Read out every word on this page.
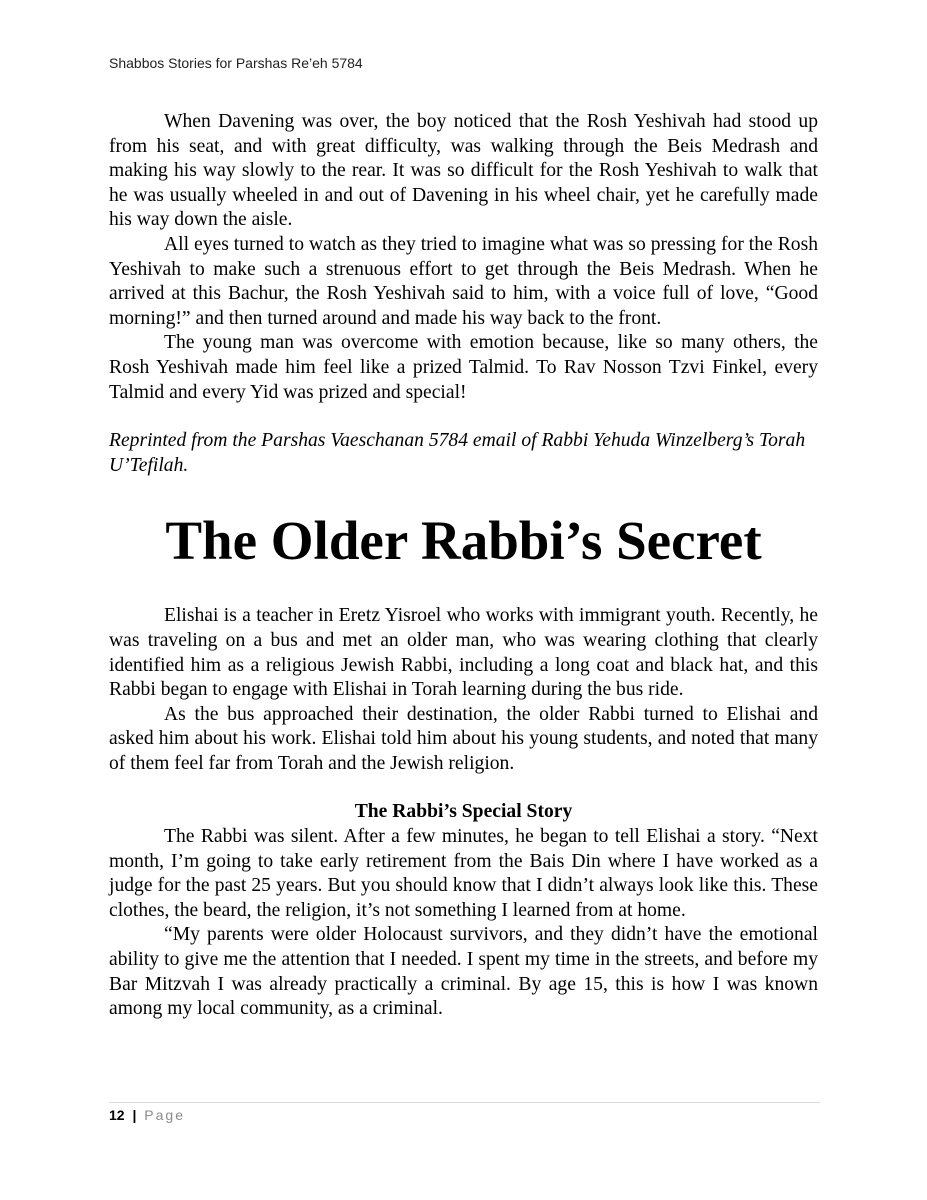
Shabbos Stories for Parshas Re’eh 5784

When Davening was over, the boy noticed that the Rosh Yeshivah had stood up from his seat, and with great difficulty, was walking through the Beis Medrash and making his way slowly to the rear. It was so difficult for the Rosh Yeshivah to walk that he was usually wheeled in and out of Davening in his wheel chair, yet he carefully made his way down the aisle.

All eyes turned to watch as they tried to imagine what was so pressing for the Rosh Yeshivah to make such a strenuous effort to get through the Beis Medrash. When he arrived at this Bachur, the Rosh Yeshivah said to him, with a voice full of love, “Good morning!” and then turned around and made his way back to the front.

The young man was overcome with emotion because, like so many others, the Rosh Yeshivah made him feel like a prized Talmid. To Rav Nosson Tzvi Finkel, every Talmid and every Yid was prized and special!

Reprinted from the Parshas Vaeschanan 5784 email of Rabbi Yehuda Winzelberg’s Torah U’Tefilah.

The Older Rabbi’s Secret

Elishai is a teacher in Eretz Yisroel who works with immigrant youth. Recently, he was traveling on a bus and met an older man, who was wearing clothing that clearly identified him as a religious Jewish Rabbi, including a long coat and black hat, and this Rabbi began to engage with Elishai in Torah learning during the bus ride.

As the bus approached their destination, the older Rabbi turned to Elishai and asked him about his work. Elishai told him about his young students, and noted that many of them feel far from Torah and the Jewish religion.

The Rabbi’s Special Story

The Rabbi was silent. After a few minutes, he began to tell Elishai a story. “Next month, I’m going to take early retirement from the Bais Din where I have worked as a judge for the past 25 years. But you should know that I didn’t always look like this. These clothes, the beard, the religion, it’s not something I learned from at home.

“My parents were older Holocaust survivors, and they didn’t have the emotional ability to give me the attention that I needed. I spent my time in the streets, and before my Bar Mitzvah I was already practically a criminal. By age 15, this is how I was known among my local community, as a criminal.

12 | Page
